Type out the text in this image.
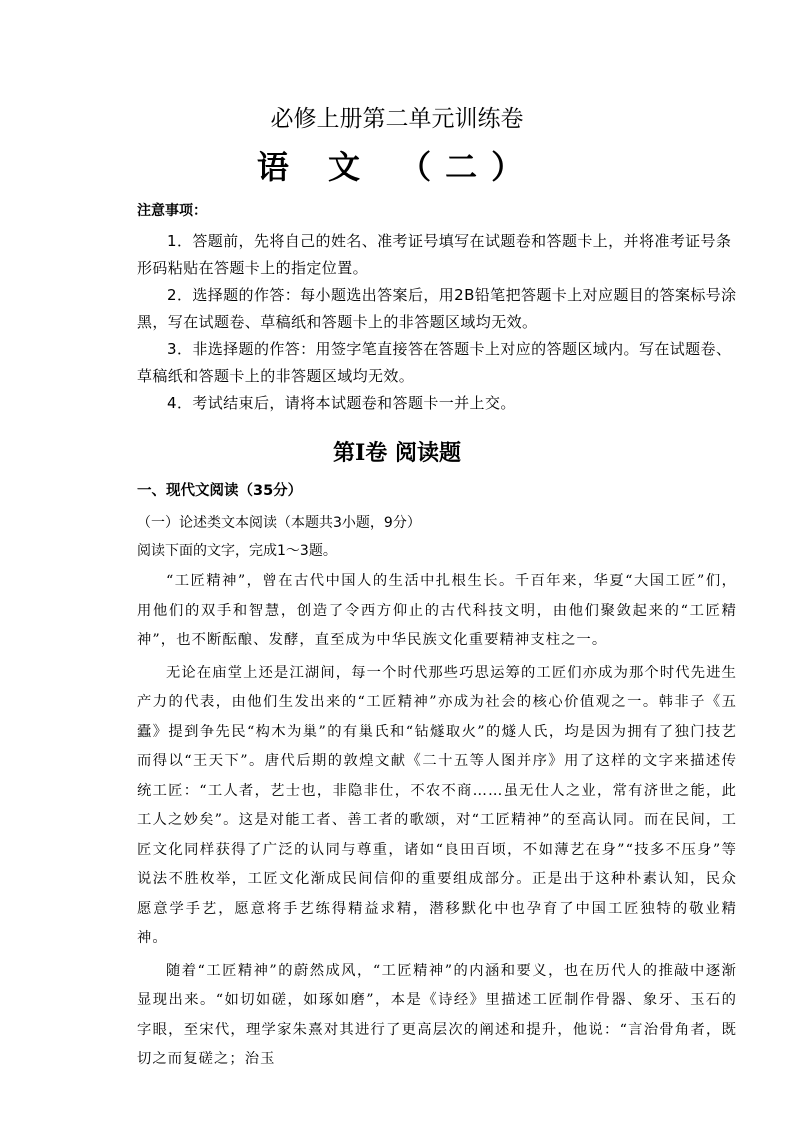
必修上册第二单元训练卷
语 文 （二）
注意事项：

1．答题前，先将自己的姓名、准考证号填写在试题卷和答题卡上，并将准考证号条形码粘贴在答题卡上的指定位置。

2．选择题的作答：每小题选出答案后，用2B铅笔把答题卡上对应题目的答案标号涂黑，写在试题卷、草稿纸和答题卡上的非答题区域均无效。

3．非选择题的作答：用签字笔直接答在答题卡上对应的答题区域内。写在试题卷、草稿纸和答题卡上的非答题区域均无效。

4．考试结束后，请将本试题卷和答题卡一并上交。

第Ⅰ卷 阅读题
一、现代文阅读（35分）
（一）论述类文本阅读（本题共3小题，9分）
阅读下面的文字，完成1～3题。

“工匠精神”，曾在古代中国人的生活中扎根生长。千百年来，华夏“大国工匠”们，用他们的双手和智慧，创造了令西方仰止的古代科技文明，由他们聚敛起来的“工匠精神”，也不断酝酿、发酵，直至成为中华民族文化重要精神支柱之一。

无论在庙堂上还是江湖间，每一个时代那些巧思运筹的工匠们亦成为那个时代先进生产力的代表，由他们生发出来的“工匠精神”亦成为社会的核心价值观之一。韩非子《五蠹》提到争先民“构木为巢”的有巢氏和“钻燧取火”的燧人氏，均是因为拥有了独门技艺而得以“王天下”。唐代后期的敦煌文献《二十五等人图并序》用了这样的文字来描述传统工匠：“工人者，艺士也，非隐非仕，不农不商……虽无仕人之业，常有济世之能，此工人之妙矣”。这是对能工者、善工者的歌颂，对“工匠精神”的至高认同。而在民间，工匠文化同样获得了广泛的认同与尊重，诸如“良田百顷，不如薄艺在身”“技多不压身”等说法不胜枚举，工匠文化渐成民间信仰的重要组成部分。正是出于这种朴素认知，民众愿意学手艺，愿意将手艺练得精益求精，潜移默化中也孕育了中国工匠独特的敬业精神。

随着“工匠精神”的蔚然成风，“工匠精神”的内涵和要义，也在历代人的推敲中逐渐显现出来。“如切如磋，如琢如磨”，本是《诗经》里描述工匠制作骨器、象牙、玉石的字眼，至宋代，理学家朱熹对其进行了更高层次的阐述和提升，他说：“言治骨角者，既切之而复磋之；治玉
